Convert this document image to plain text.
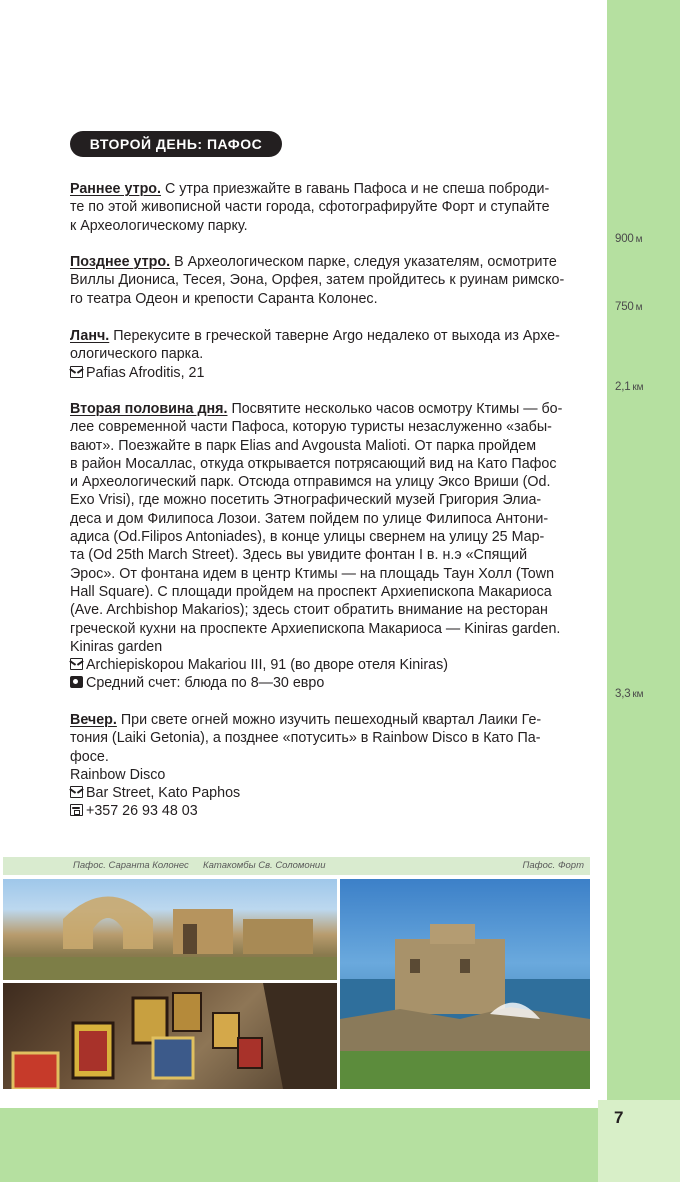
7
900 м
750 м
2,1 км
3,3 км
ВТОРОЙ ДЕНЬ: ПАФОС

Раннее утро. С утра приезжайте в гавань Пафоса и не спеша поброди-
те по этой живописной части города, сфотографируйте Форт и ступайте
к Археологическому парку.

Позднее утро. В Археологическом парке, следуя указателям, осмотрите
Виллы Диониса, Тесея, Эона, Орфея, затем пройдитесь к руинам римско-
го театра Одеон и крепости Саранта Колонес.

Ланч. Перекусите в греческой таверне Argo недалеко от выхода из Архе-
ологического парка.
Pafias Afroditis, 21

Вторая половина дня. Посвятите несколько часов осмотру Ктимы — бо-
лее современной части Пафоса, которую туристы незаслуженно «забы-
вают». Поезжайте в парк Elias and Avgousta Malioti. От парка пройдем
в район Мосаллас, откуда открывается потрясающий вид на Като Пафос
и Археологический парк. Отсюда отправимся на улицу Эксо Вриши (Od.
Exo Vrisi), где можно посетить Этнографический музей Григория Элиа-
деса и дом Филипоса Лозои. Затем пойдем по улице Филипоса Антони-
адиса (Od.Filipos Antoniades), в конце улицы свернем на улицу 25 Мар-
та (Od 25th March Street). Здесь вы увидите фонтан I в. н.э «Спящий
Эрос». От фонтана идем в центр Ктимы — на площадь Таун Холл (Town
Hall Square). С площади пройдем на проспект Архиепископа Макариоса
(Ave. Archbishop Makarios); здесь стоит обратить внимание на ресторан
греческой кухни на проспекте Архиепископа Макариоса — Kiniras garden.
Kiniras garden
Archiepiskopou Makariou III, 91 (во дворе отеля Kiniras)
Средний счет: блюда по 8—30 евро

Вечер. При свете огней можно изучить пешеходный квартал Лаики Ге-
тония (Laiki Getonia), а позднее «потусить» в Rainbow Disco в Като Па-
фосе.
Rainbow Disco
Bar Street, Kato Paphos
+357 26 93 48 03

Пафос. Саранта Колонес Катакомбы Св. Соломонии	Пафос. Форт
